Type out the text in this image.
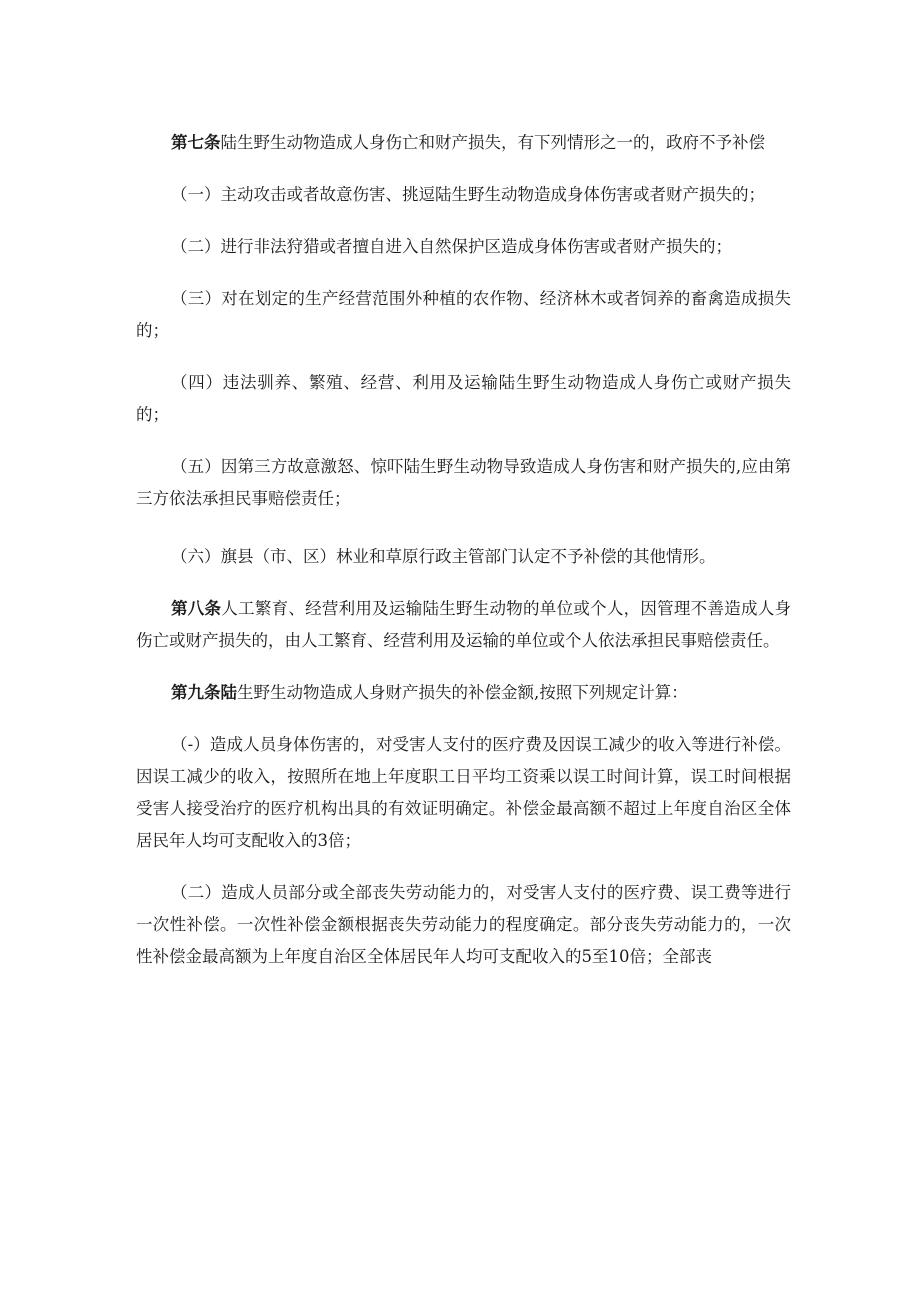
第七条陆生野生动物造成人身伤亡和财产损失，有下列情形之一的，政府不予补偿

（一）主动攻击或者故意伤害、挑逗陆生野生动物造成身体伤害或者财产损失的；

（二）进行非法狩猎或者擅自进入自然保护区造成身体伤害或者财产损失的；

（三）对在划定的生产经营范围外种植的农作物、经济林木或者饲养的畜禽造成损失的；

（四）违法驯养、繁殖、经营、利用及运输陆生野生动物造成人身伤亡或财产损失的；

（五）因第三方故意激怒、惊吓陆生野生动物导致造成人身伤害和财产损失的,应由第三方依法承担民事赔偿责任；

（六）旗县（市、区）林业和草原行政主管部门认定不予补偿的其他情形。

第八条人工繁育、经营利用及运输陆生野生动物的单位或个人，因管理不善造成人身伤亡或财产损失的，由人工繁育、经营利用及运输的单位或个人依法承担民事赔偿责任。

第九条陆生野生动物造成人身财产损失的补偿金额,按照下列规定计算：

（-）造成人员身体伤害的，对受害人支付的医疗费及因误工减少的收入等进行补偿。因误工减少的收入，按照所在地上年度职工日平均工资乘以误工时间计算，误工时间根据受害人接受治疗的医疗机构出具的有效证明确定。补偿金最高额不超过上年度自治区全体居民年人均可支配收入的3倍；

（二）造成人员部分或全部丧失劳动能力的，对受害人支付的医疗费、误工费等进行一次性补偿。一次性补偿金额根据丧失劳动能力的程度确定。部分丧失劳动能力的，一次性补偿金最高额为上年度自治区全体居民年人均可支配收入的5至10倍；全部丧
